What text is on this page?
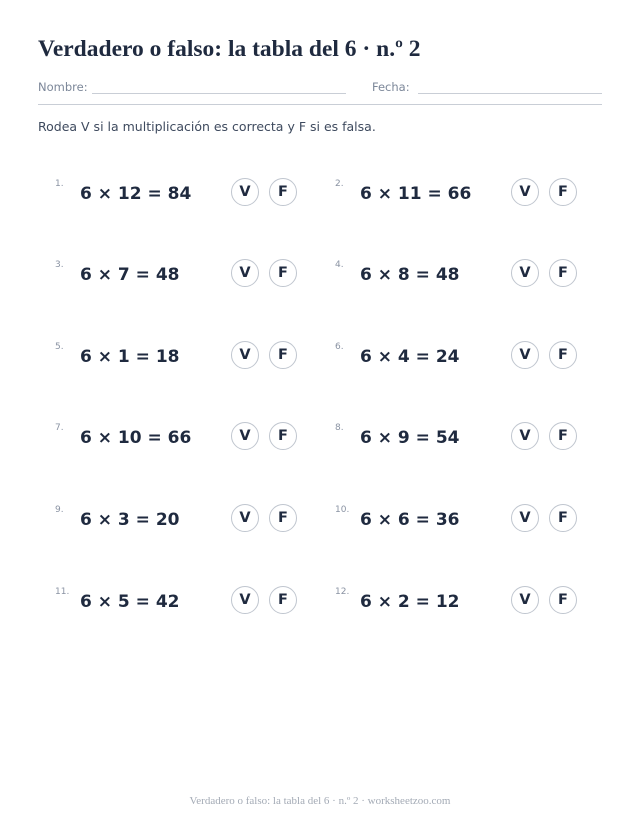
Verdadero o falso: la tabla del 6 · n.º 2
Nombre:	Fecha:
Rodea V si la multiplicación es correcta y F si es falsa.
1. 6 × 12 = 84	V	F	2. 6 × 11 = 66	V	F
3. 6 × 7 = 48	V	F	4. 6 × 8 = 48	V	F
5. 6 × 1 = 18	V	F	6. 6 × 4 = 24	V	F
7. 6 × 10 = 66	V	F	8. 6 × 9 = 54	V	F
9. 6 × 3 = 20	V	F	10. 6 × 6 = 36	V	F
11. 6 × 5 = 42	V	F	12. 6 × 2 = 12	V	F
Verdadero o falso: la tabla del 6 · n.º 2 · worksheetzoo.com
